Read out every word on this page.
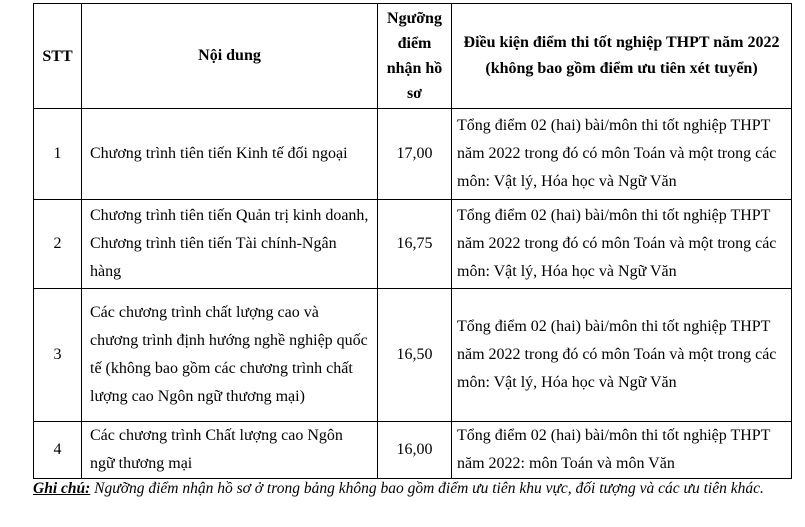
STT	Nội dung	Ngưỡng điểm nhận hồ sơ	Điều kiện điểm thi tốt nghiệp THPT năm 2022
(không bao gồm điểm ưu tiên xét tuyển)

1	Chương trình tiên tiến Kinh tế đối ngoại	17,00	Tổng điểm 02 (hai) bài/môn thi tốt nghiệp THPT năm 2022 trong đó có môn Toán và một trong các môn: Vật lý, Hóa học và Ngữ Văn

2	Chương trình tiên tiến Quản trị kinh doanh, Chương trình tiên tiến Tài chính-Ngân hàng	16,75	Tổng điểm 02 (hai) bài/môn thi tốt nghiệp THPT năm 2022 trong đó có môn Toán và một trong các môn: Vật lý, Hóa học và Ngữ Văn

3	Các chương trình chất lượng cao và chương trình định hướng nghề nghiệp quốc tế (không bao gồm các chương trình chất lượng cao Ngôn ngữ thương mại)	16,50	Tổng điểm 02 (hai) bài/môn thi tốt nghiệp THPT năm 2022 trong đó có môn Toán và một trong các môn: Vật lý, Hóa học và Ngữ Văn

4	Các chương trình Chất lượng cao Ngôn ngữ thương mại	16,00	Tổng điểm 02 (hai) bài/môn thi tốt nghiệp THPT năm 2022: môn Toán và môn Văn
Ghi chú: Ngưỡng điểm nhận hồ sơ ở trong bảng không bao gồm điểm ưu tiên khu vực, đối tượng và các ưu tiên khác.
